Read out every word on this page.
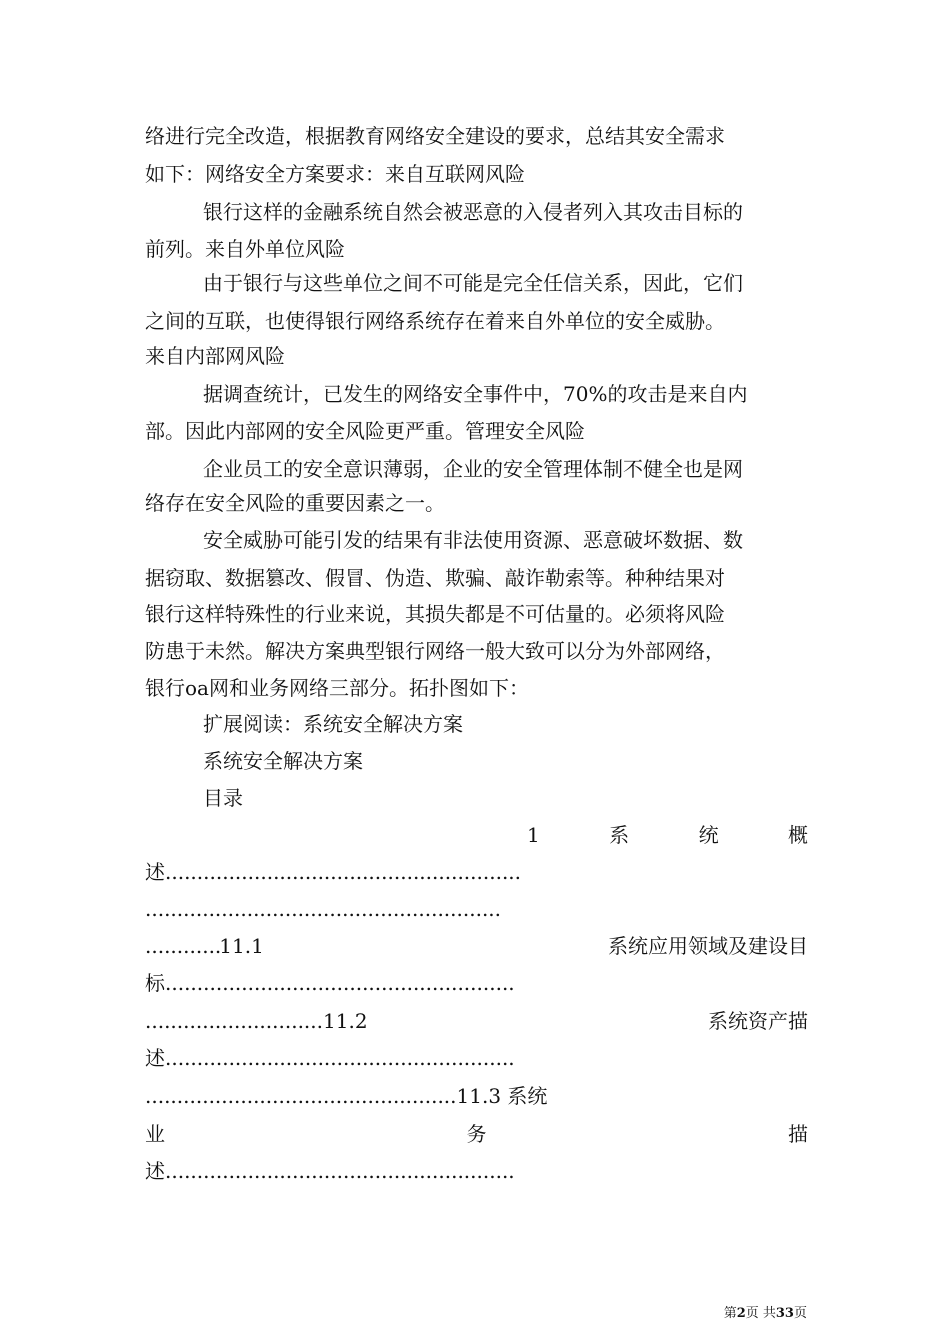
络进行完全改造，根据教育网络安全建设的要求，总结其安全需求
如下：网络安全方案要求：来自互联网风险
银行这样的金融系统自然会被恶意的入侵者列入其攻击目标的
前列。来自外单位风险
由于银行与这些单位之间不可能是完全任信关系，因此，它们
之间的互联，也使得银行网络系统存在着来自外单位的安全威胁。
来自内部网风险
据调查统计，已发生的网络安全事件中，70%的攻击是来自内
部。因此内部网的安全风险更严重。管理安全风险
企业员工的安全意识薄弱，企业的安全管理体制不健全也是网
络存在安全风险的重要因素之一。
安全威胁可能引发的结果有非法使用资源、恶意破坏数据、数
据窃取、数据篡改、假冒、伪造、欺骗、敲诈勒索等。种种结果对
银行这样特殊性的行业来说，其损失都是不可估量的。必须将风险
防患于未然。解决方案典型银行网络一般大致可以分为外部网络，
银行oa网和业务网络三部分。拓扑图如下：
扩展阅读：系统安全解决方案
系统安全解决方案
目录
1	系	统	概
述........................................................
........................................................
............
11.1	系 统 应 用 领 域 及 建 设 目
标.......................................................
............................ 11.2	系 统 资 产 描
述.......................................................
.................................................11.3 系统
业	务	描
述.......................................................
第2页 共33页
